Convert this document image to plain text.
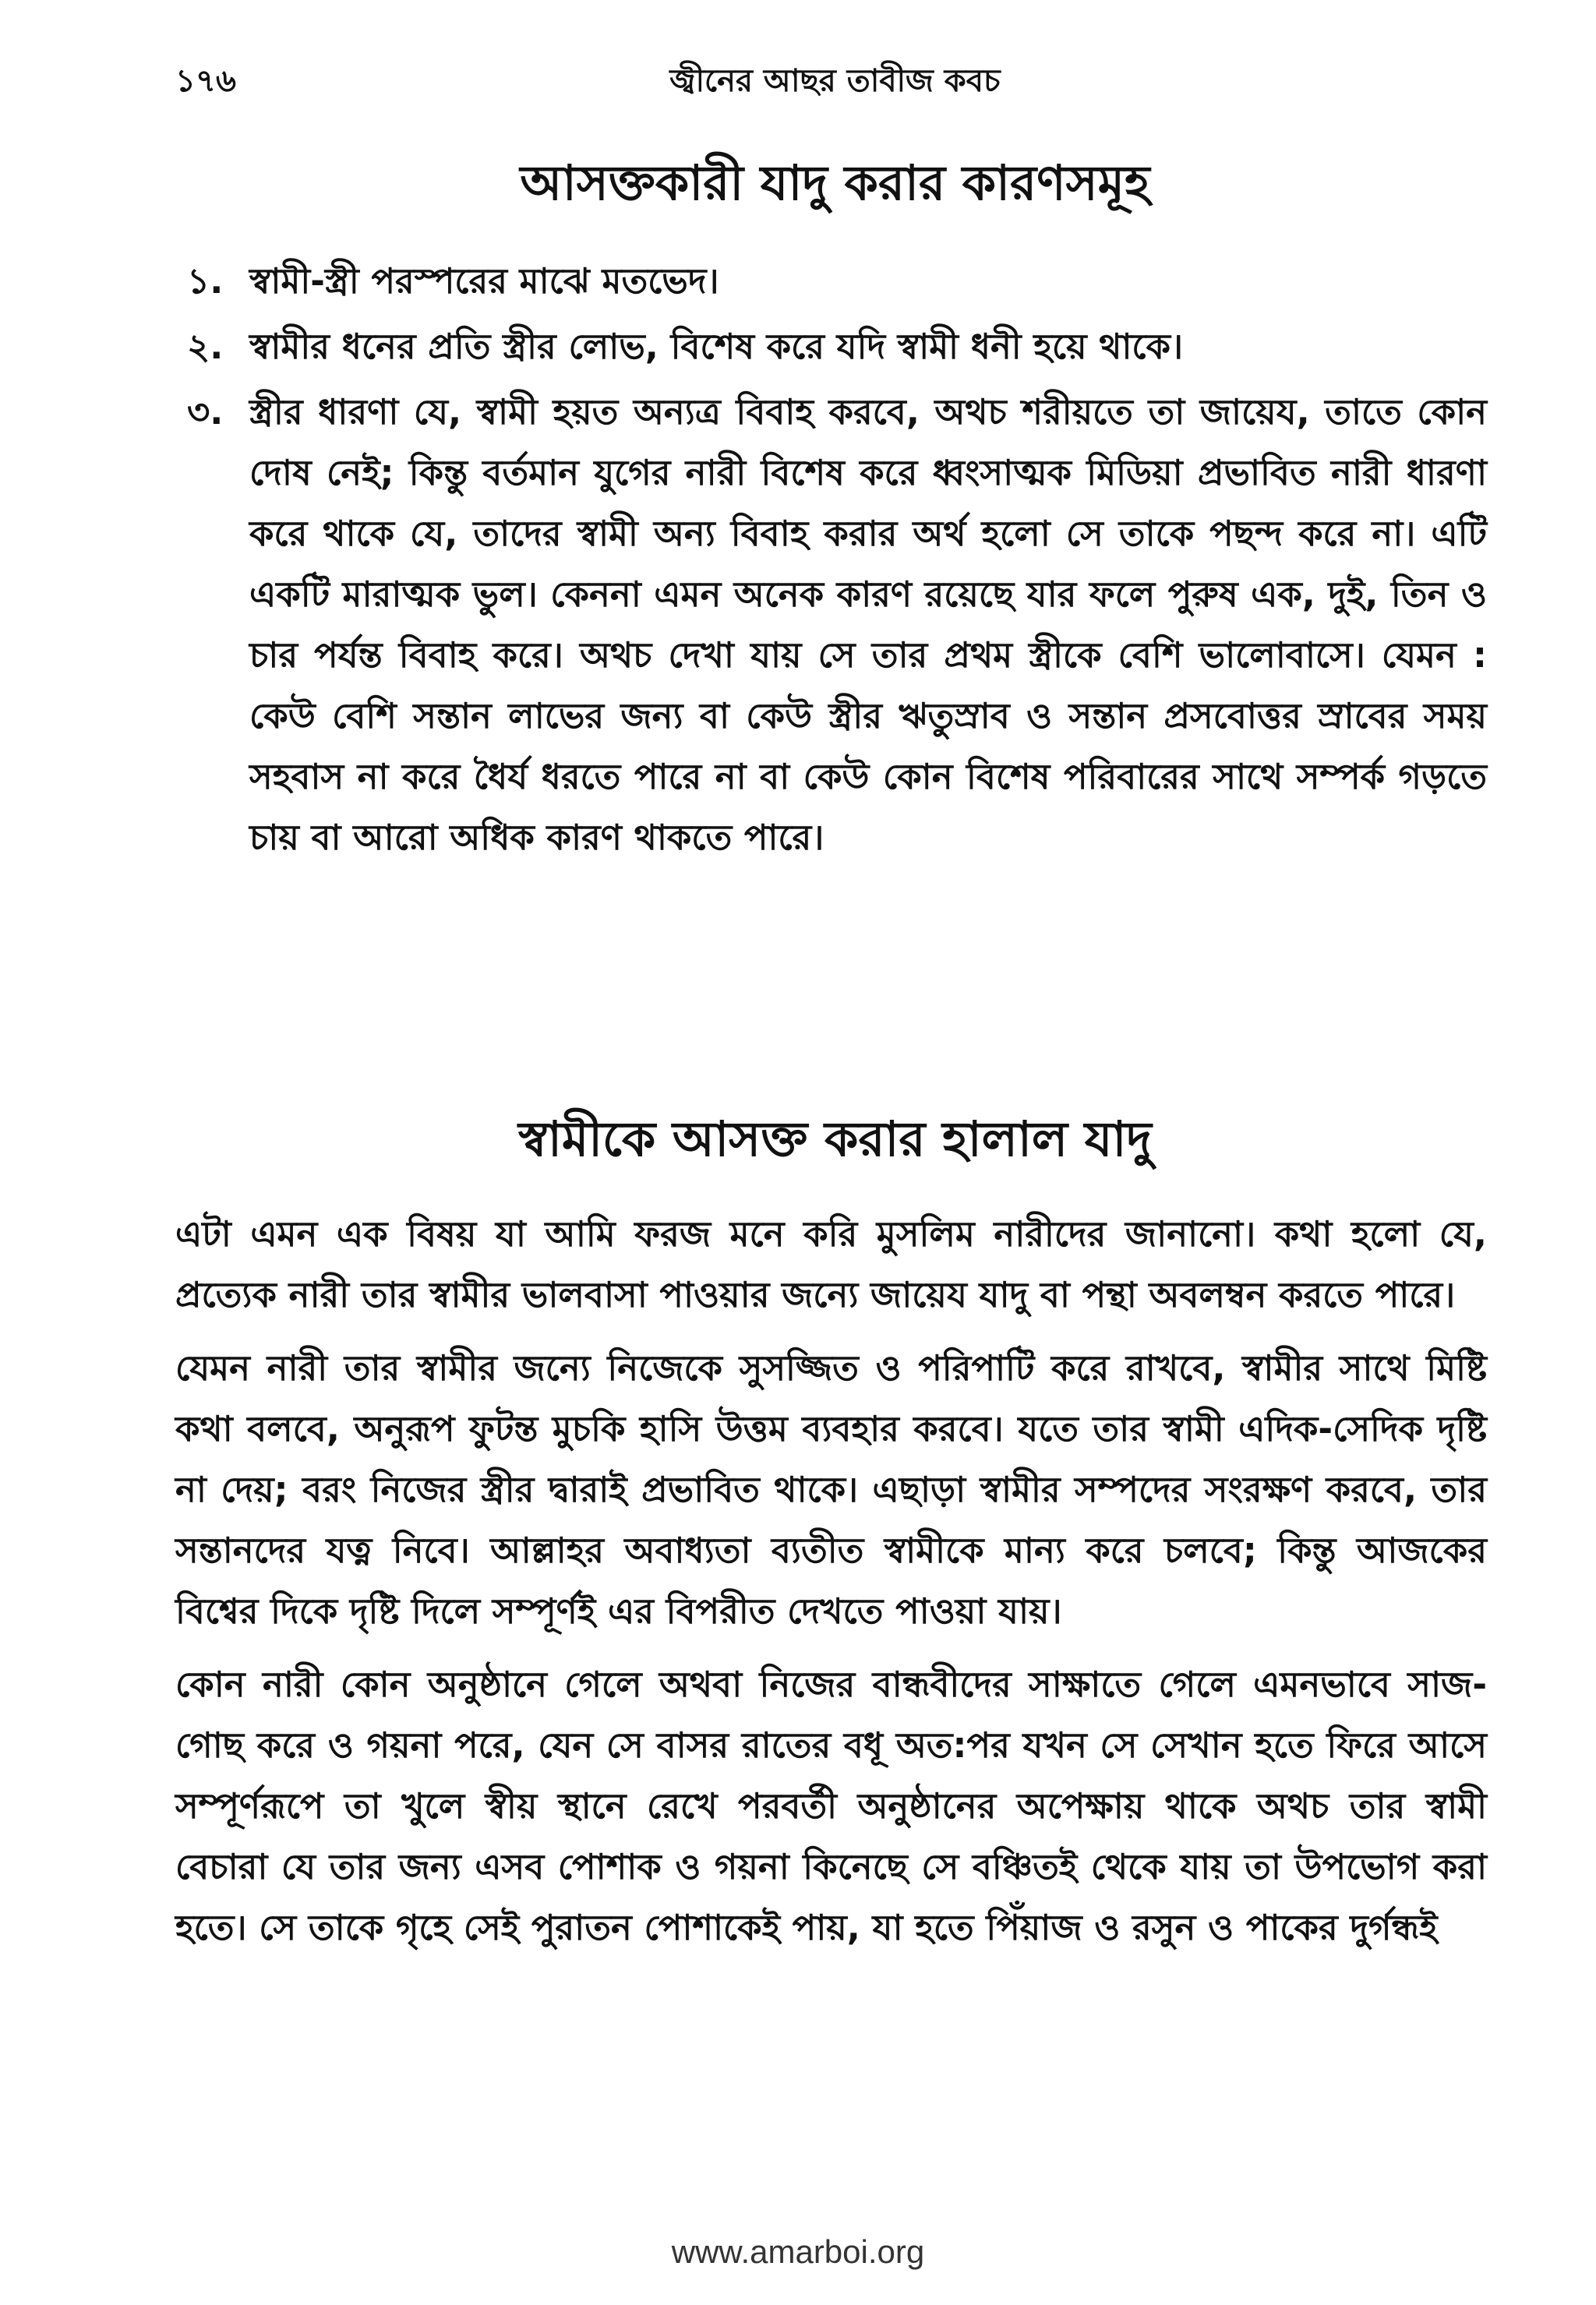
১৭৬	জ্বীনের আছর তাবীজ কবচ
আসক্তকারী যাদু করার কারণসমূহ
১. স্বামী-স্ত্রী পরস্পরের মাঝে মতভেদ।
২. স্বামীর ধনের প্রতি স্ত্রীর লোভ, বিশেষ করে যদি স্বামী ধনী হয়ে থাকে।
৩. স্ত্রীর ধারণা যে, স্বামী হয়ত অন্যত্র বিবাহ করবে, অথচ শরীয়তে তা জায়েয, তাতে কোন দোষ নেই; কিন্তু বর্তমান যুগের নারী বিশেষ করে ধ্বংসাত্মক মিডিয়া প্রভাবিত নারী ধারণা করে থাকে যে, তাদের স্বামী অন্য বিবাহ করার অর্থ হলো সে তাকে পছন্দ করে না। এটি একটি মারাত্মক ভুল। কেননা এমন অনেক কারণ রয়েছে যার ফলে পুরুষ এক, দুই, তিন ও চার পর্যন্ত বিবাহ করে। অথচ দেখা যায় সে তার প্রথম স্ত্রীকে বেশি ভালোবাসে। যেমন : কেউ বেশি সন্তান লাভের জন্য বা কেউ স্ত্রীর ঋতুস্রাব ও সন্তান প্রসবোত্তর স্রাবের সময় সহবাস না করে ধৈর্য ধরতে পারে না বা কেউ কোন বিশেষ পরিবারের সাথে সম্পর্ক গড়তে চায় বা আরো অধিক কারণ থাকতে পারে।
স্বামীকে আসক্ত করার হালাল যাদু

এটা এমন এক বিষয় যা আমি ফরজ মনে করি মুসলিম নারীদের জানানো। কথা হলো যে, প্রত্যেক নারী তার স্বামীর ভালবাসা পাওয়ার জন্যে জায়েয যাদু বা পন্থা অবলম্বন করতে পারে।

যেমন নারী তার স্বামীর জন্যে নিজেকে সুসজ্জিত ও পরিপাটি করে রাখবে, স্বামীর সাথে মিষ্টি কথা বলবে, অনুরূপ ফুটন্ত মুচকি হাসি উত্তম ব্যবহার করবে। যতে তার স্বামী এদিক-সেদিক দৃষ্টি না দেয়; বরং নিজের স্ত্রীর দ্বারাই প্রভাবিত থাকে। এছাড়া স্বামীর সম্পদের সংরক্ষণ করবে, তার সন্তানদের যত্ন নিবে। আল্লাহর অবাধ্যতা ব্যতীত স্বামীকে মান্য করে চলবে; কিন্তু আজকের বিশ্বের দিকে দৃষ্টি দিলে সম্পূর্ণই এর বিপরীত দেখতে পাওয়া যায়।

কোন নারী কোন অনুষ্ঠানে গেলে অথবা নিজের বান্ধবীদের সাক্ষাতে গেলে এমনভাবে সাজ-গোছ করে ও গয়না পরে, যেন সে বাসর রাতের বধূ অত:পর যখন সে সেখান হতে ফিরে আসে সম্পূর্ণরূপে তা খুলে স্বীয় স্থানে রেখে পরবর্তী অনুষ্ঠানের অপেক্ষায় থাকে অথচ তার স্বামী বেচারা যে তার জন্য এসব পোশাক ও গয়না কিনেছে সে বঞ্চিতই থেকে যায় তা উপভোগ করা হতে। সে তাকে গৃহে সেই পুরাতন পোশাকেই পায়, যা হতে পিঁয়াজ ও রসুন ও পাকের দুর্গন্ধই

www.amarboi.org
